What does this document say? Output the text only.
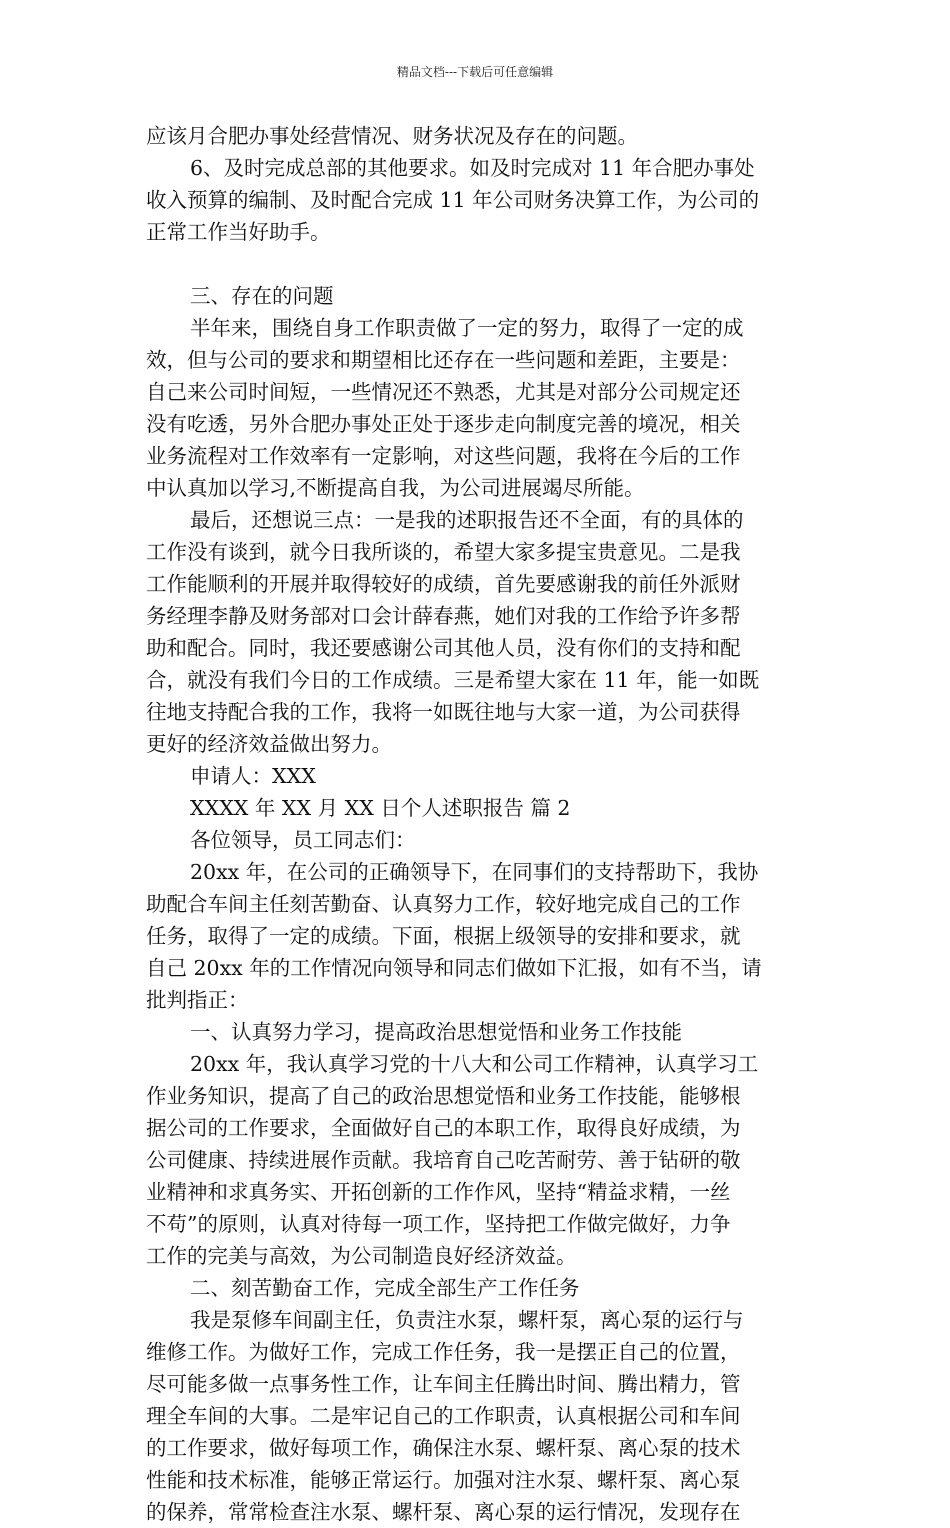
精品文档---下载后可任意编辑
应该月合肥办事处经营情况、财务状况及存在的问题。
6、及时完成总部的其他要求。如及时完成对 11 年合肥办事处
收入预算的编制、及时配合完成 11 年公司财务决算工作，为公司的
正常工作当好助手。
三、存在的问题
半年来，围绕自身工作职责做了一定的努力，取得了一定的成
效，但与公司的要求和期望相比还存在一些问题和差距，主要是：
自己来公司时间短，一些情况还不熟悉，尤其是对部分公司规定还
没有吃透，另外合肥办事处正处于逐步走向制度完善的境况，相关
业务流程对工作效率有一定影响，对这些问题，我将在今后的工作
中认真加以学习,不断提高自我，为公司进展竭尽所能。
最后，还想说三点：一是我的述职报告还不全面，有的具体的
工作没有谈到，就今日我所谈的，希望大家多提宝贵意见。二是我
工作能顺利的开展并取得较好的成绩，首先要感谢我的前任外派财
务经理李静及财务部对口会计薛春燕，她们对我的工作给予许多帮
助和配合。同时，我还要感谢公司其他人员，没有你们的支持和配
合，就没有我们今日的工作成绩。三是希望大家在 11 年，能一如既
往地支持配合我的工作，我将一如既往地与大家一道，为公司获得
更好的经济效益做出努力。
申请人：XXX
XXXX 年 XX 月 XX 日个人述职报告 篇 2
各位领导，员工同志们：
20xx 年，在公司的正确领导下，在同事们的支持帮助下，我协
助配合车间主任刻苦勤奋、认真努力工作，较好地完成自己的工作
任务，取得了一定的成绩。下面，根据上级领导的安排和要求，就
自己 20xx 年的工作情况向领导和同志们做如下汇报，如有不当，请
批判指正：
一、认真努力学习，提高政治思想觉悟和业务工作技能
20xx 年，我认真学习党的十八大和公司工作精神，认真学习工
作业务知识，提高了自己的政治思想觉悟和业务工作技能，能够根
据公司的工作要求，全面做好自己的本职工作，取得良好成绩，为
公司健康、持续进展作贡献。我培育自己吃苦耐劳、善于钻研的敬
业精神和求真务实、开拓创新的工作作风，坚持“精益求精，一丝
不苟”的原则，认真对待每一项工作，坚持把工作做完做好，力争
工作的完美与高效，为公司制造良好经济效益。
二、刻苦勤奋工作，完成全部生产工作任务
我是泵修车间副主任，负责注水泵，螺杆泵，离心泵的运行与
维修工作。为做好工作，完成工作任务，我一是摆正自己的位置，
尽可能多做一点事务性工作，让车间主任腾出时间、腾出精力，管
理全车间的大事。二是牢记自己的工作职责，认真根据公司和车间
的工作要求，做好每项工作，确保注水泵、螺杆泵、离心泵的技术
性能和技术标准，能够正常运行。加强对注水泵、螺杆泵、离心泵
的保养，常常检查注水泵、螺杆泵、离心泵的运行情况，发现存在
